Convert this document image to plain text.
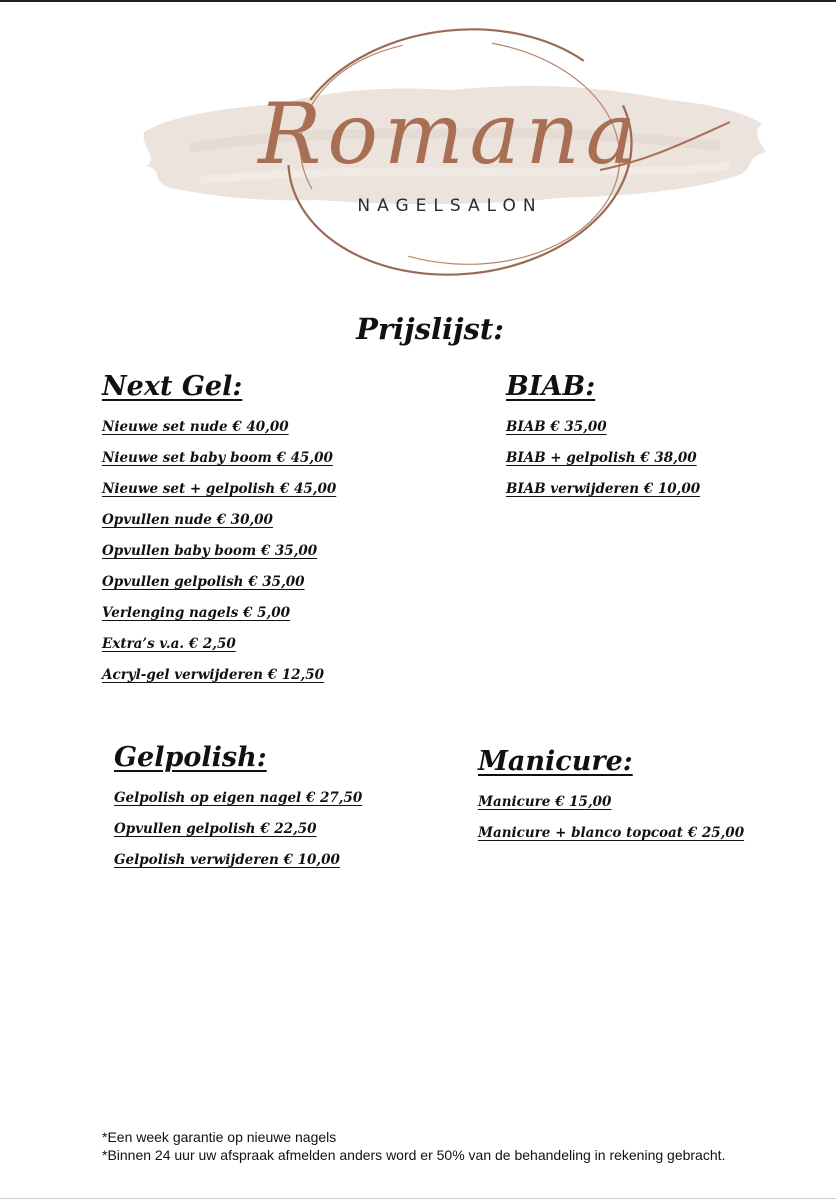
Romana
NAGELSALON
Prijslijst:
Next Gel:
Nieuwe set nude € 40,00
Nieuwe set baby boom € 45,00
Nieuwe set + gelpolish € 45,00
Opvullen nude € 30,00
Opvullen baby boom € 35,00
Opvullen gelpolish € 35,00
Verlenging nagels € 5,00
Extra’s v.a. € 2,50
Acryl-gel verwijderen € 12,50
BIAB:
BIAB € 35,00
BIAB + gelpolish € 38,00
BIAB verwijderen € 10,00
Gelpolish:
Gelpolish op eigen nagel € 27,50
Opvullen gelpolish € 22,50
Gelpolish verwijderen € 10,00
Manicure:
Manicure € 15,00
Manicure + blanco topcoat € 25,00
*Een week garantie op nieuwe nagels
*Binnen 24 uur uw afspraak afmelden anders word er 50% van de behandeling in rekening gebracht.
